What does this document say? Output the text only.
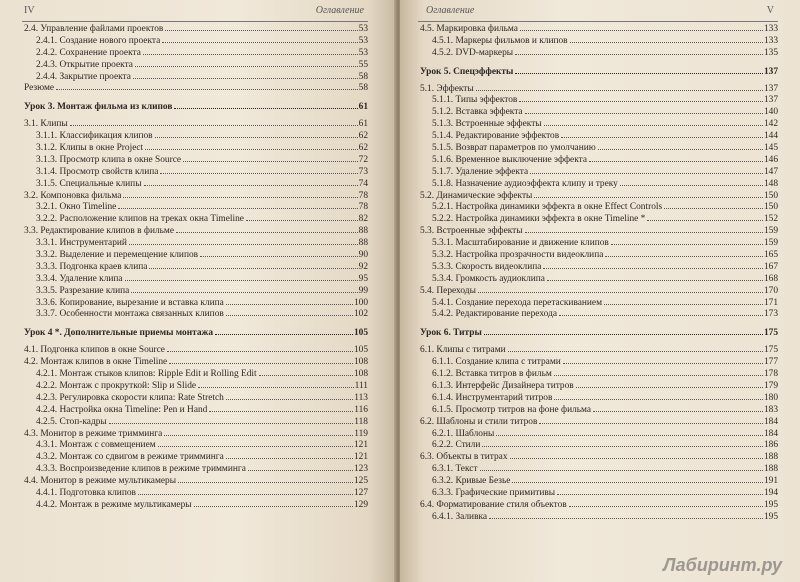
IV	Оглавление
2.4. Управление файлами проектов	53
2.4.1. Создание нового проекта	53
2.4.2. Сохранение проекта	53
2.4.3. Открытие проекта	55
2.4.4. Закрытие проекта	58
Резюме	58
Урок 3. Монтаж фильма из клипов	61
3.1. Клипы	61
3.1.1. Классификация клипов	62
3.1.2. Клипы в окне Project	62
3.1.3. Просмотр клипа в окне Source	72
3.1.4. Просмотр свойств клипа	73
3.1.5. Специальные клипы	74
3.2. Компоновка фильма	78
3.2.1. Окно Timeline	78
3.2.2. Расположение клипов на треках окна Timeline	82
3.3. Редактирование клипов в фильме	88
3.3.1. Инструментарий	88
3.3.2. Выделение и перемещение клипов	90
3.3.3. Подгонка краев клипа	92
3.3.4. Удаление клипа	95
3.3.5. Разрезание клипа	99
3.3.6. Копирование, вырезание и вставка клипа	100
3.3.7. Особенности монтажа связанных клипов	102
Урок 4 *. Дополнительные приемы монтажа	105
4.1. Подгонка клипов в окне Source	105
4.2. Монтаж клипов в окне Timeline	108
4.2.1. Монтаж стыков клипов: Ripple Edit и Rolling Edit	108
4.2.2. Монтаж с прокруткой: Slip и Slide	111
4.2.3. Регулировка скорости клипа: Rate Stretch	113
4.2.4. Настройка окна Timeline: Pen и Hand	116
4.2.5. Стоп-кадры	118
4.3. Монитор в режиме тримминга	119
4.3.1. Монтаж с совмещением	121
4.3.2. Монтаж со сдвигом в режиме тримминга	121
4.3.3. Воспроизведение клипов в режиме тримминга	123
4.4. Монитор в режиме мультикамеры	125
4.4.1. Подготовка клипов	127
4.4.2. Монтаж в режиме мультикамеры	129
Оглавление	V
4.5. Маркировка фильма	133
4.5.1. Маркеры фильмов и клипов	133
4.5.2. DVD-маркеры	135
Урок 5. Спецэффекты	137
5.1. Эффекты	137
5.1.1. Типы эффектов	137
5.1.2. Вставка эффекта	140
5.1.3. Встроенные эффекты	142
5.1.4. Редактирование эффектов	144
5.1.5. Возврат параметров по умолчанию	145
5.1.6. Временное выключение эффекта	146
5.1.7. Удаление эффекта	147
5.1.8. Назначение аудиоэффекта клипу и треку	148
5.2. Динамические эффекты	150
5.2.1. Настройка динамики эффекта в окне Effect Controls	150
5.2.2. Настройка динамики эффекта в окне Timeline *	152
5.3. Встроенные эффекты	159
5.3.1. Масштабирование и движение клипов	159
5.3.2. Настройка прозрачности видеоклипа	165
5.3.3. Скорость видеоклипа	167
5.3.4. Громкость аудиоклипа	168
5.4. Переходы	170
5.4.1. Создание перехода перетаскиванием	171
5.4.2. Редактирование перехода	173
Урок 6. Титры	175
6.1. Клипы с титрами	175
6.1.1. Создание клипа с титрами	177
6.1.2. Вставка титров в фильм	178
6.1.3. Интерфейс Дизайнера титров	179
6.1.4. Инструментарий титров	180
6.1.5. Просмотр титров на фоне фильма	183
6.2. Шаблоны и стили титров	184
6.2.1. Шаблоны	184
6.2.2. Стили	186
6.3. Объекты в титрах	188
6.3.1. Текст	188
6.3.2. Кривые Безье	191
6.3.3. Графические примитивы	194
6.4. Форматирование стиля объектов	195
6.4.1. Заливка	195
Лабиринт.ру
